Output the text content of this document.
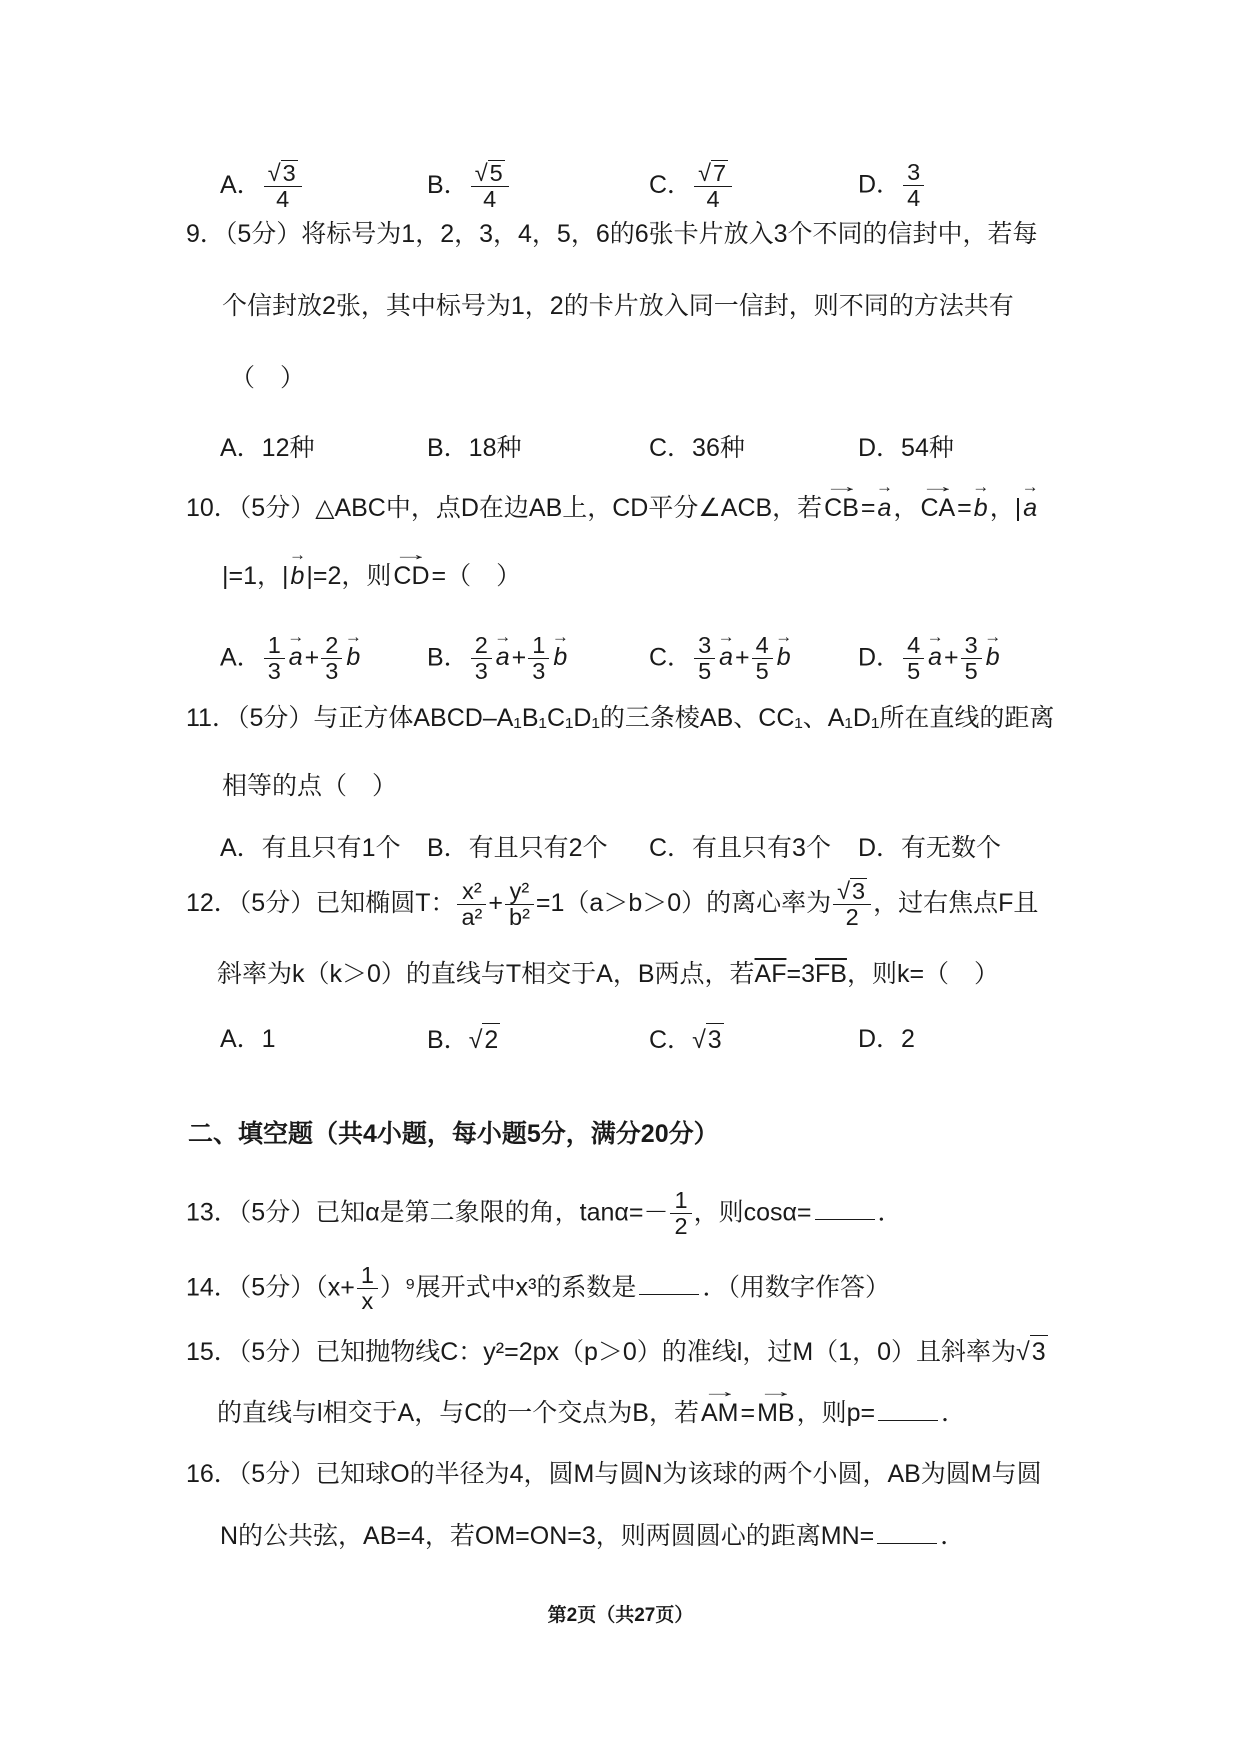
A． $\frac{√3}{4}$	B． $\frac{√5}{4}$	C． $\frac{√7}{4}$	D． $\frac{3}{4}$
9．（5分）将标号为1，2，3，4，5，6的6张卡片放入3个不同的信封中，若每
个信封放2张，其中标号为1，2的卡片放入同一信封，则不同的方法共有
（　）
A．12种	B．18种	C．36种	D．54种
10．（5分）△ABC中，点D在边AB上，CD平分∠ACB，若
→
CB=
→
a，
→
CA=
→
b，|
→
a
|=1，|
→
b|=2，则
→
CD=（　）
A． $\frac{1}{3}$ →
$a+ \frac{2}{3}$ →
b	B． $\frac{2}{3}$ →
$a+ \frac{1}{3}$ →
b	C． $\frac{3}{5}$ →
$a+ \frac{4}{5}$ →
b	D． $\frac{4}{5}$ →
$a+ \frac{3}{5}$ →
b
11．（5分）与正方体ABCD–A₁B₁C₁D₁的三条棱AB、CC₁、A₁D₁所在直线的距离
相等的点（　）
A．有且只有1个	B．有且只有2个	C．有且只有3个	D．有无数个
12．（5分）已知椭圆T： $\frac{\text{x²}}{\text{a²}} + \frac{\text{y²}}{\text{b²}} =1(a>b>0)$的离心率为 $\frac{√3}{2}$ ，过右焦点F且
斜率为k（k＞0）的直线与T相交于A，B两点，若$\overline{AF}=3\overline{FB}$，则k=（　）
A．1	B．√2	C．√3	D．2
二、填空题（共4小题，每小题5分，满分20分）
13．（5分）已知α是第二象限的角，$\tan\alpha=- \frac{1}{2}$ ，则cosα=	．
14．（5分）$(x+ \frac{1}{x} )^9$展开式中x³的系数是	．（用数字作答）
15．（5分）已知抛物线C：y²=2px（p＞0）的准线l，过M（1，0）且斜率为√3
的直线与l相交于A，与C的一个交点为B，若
→
AM=
→
MB，则p=	．
16．（5分）已知球O的半径为4，圆M与圆N为该球的两个小圆，AB为圆M与圆
N的公共弦，AB=4，若OM=ON=3，则两圆圆心的距离MN=	．
第2页（共27页）
